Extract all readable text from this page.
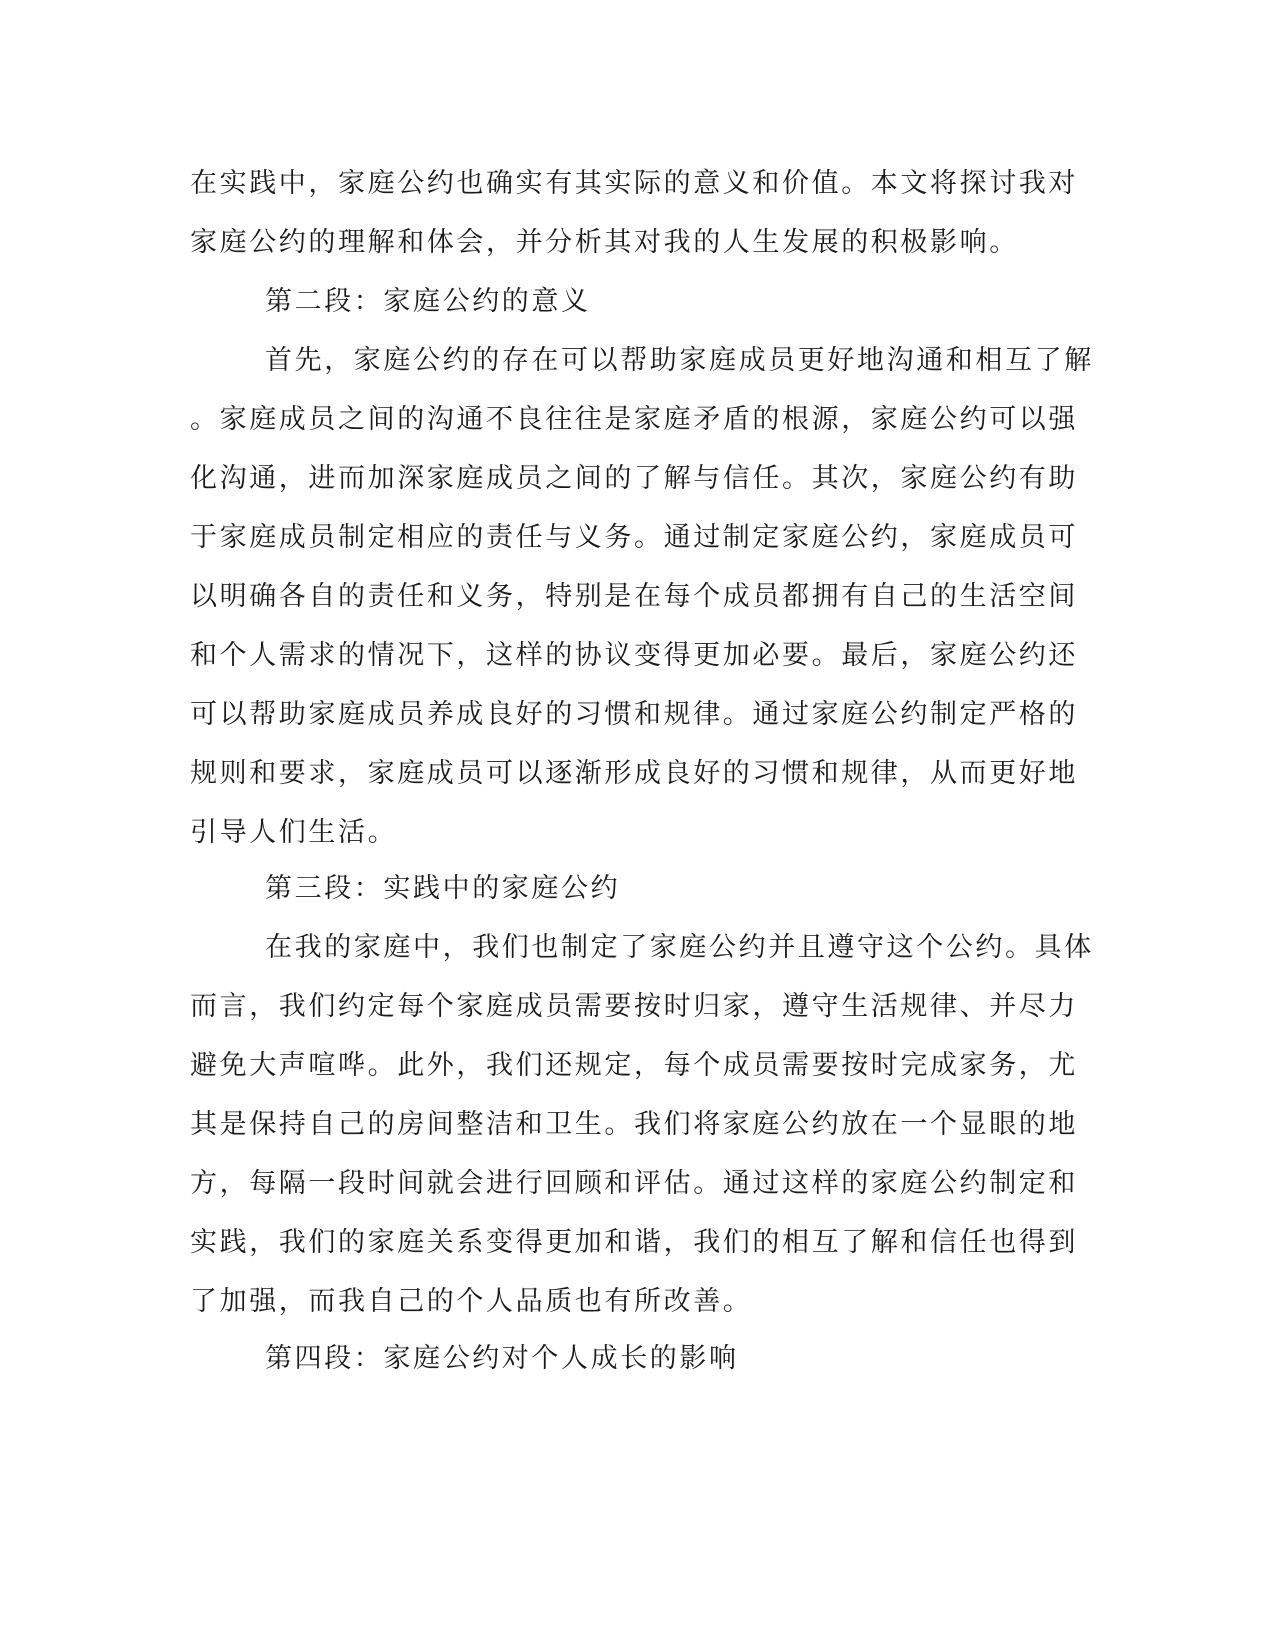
在实践中，家庭公约也确实有其实际的意义和价值。本文将探讨我对

家庭公约的理解和体会，并分析其对我的人生发展的积极影响。

第二段：家庭公约的意义

首先，家庭公约的存在可以帮助家庭成员更好地沟通和相互了解

。家庭成员之间的沟通不良往往是家庭矛盾的根源，家庭公约可以强

化沟通，进而加深家庭成员之间的了解与信任。其次，家庭公约有助

于家庭成员制定相应的责任与义务。通过制定家庭公约，家庭成员可

以明确各自的责任和义务，特别是在每个成员都拥有自己的生活空间

和个人需求的情况下，这样的协议变得更加必要。最后，家庭公约还

可以帮助家庭成员养成良好的习惯和规律。通过家庭公约制定严格的

规则和要求，家庭成员可以逐渐形成良好的习惯和规律，从而更好地

引导人们生活。

第三段：实践中的家庭公约

在我的家庭中，我们也制定了家庭公约并且遵守这个公约。具体

而言，我们约定每个家庭成员需要按时归家，遵守生活规律、并尽力

避免大声喧哗。此外，我们还规定，每个成员需要按时完成家务，尤

其是保持自己的房间整洁和卫生。我们将家庭公约放在一个显眼的地

方，每隔一段时间就会进行回顾和评估。通过这样的家庭公约制定和

实践，我们的家庭关系变得更加和谐，我们的相互了解和信任也得到

了加强，而我自己的个人品质也有所改善。

第四段：家庭公约对个人成长的影响
